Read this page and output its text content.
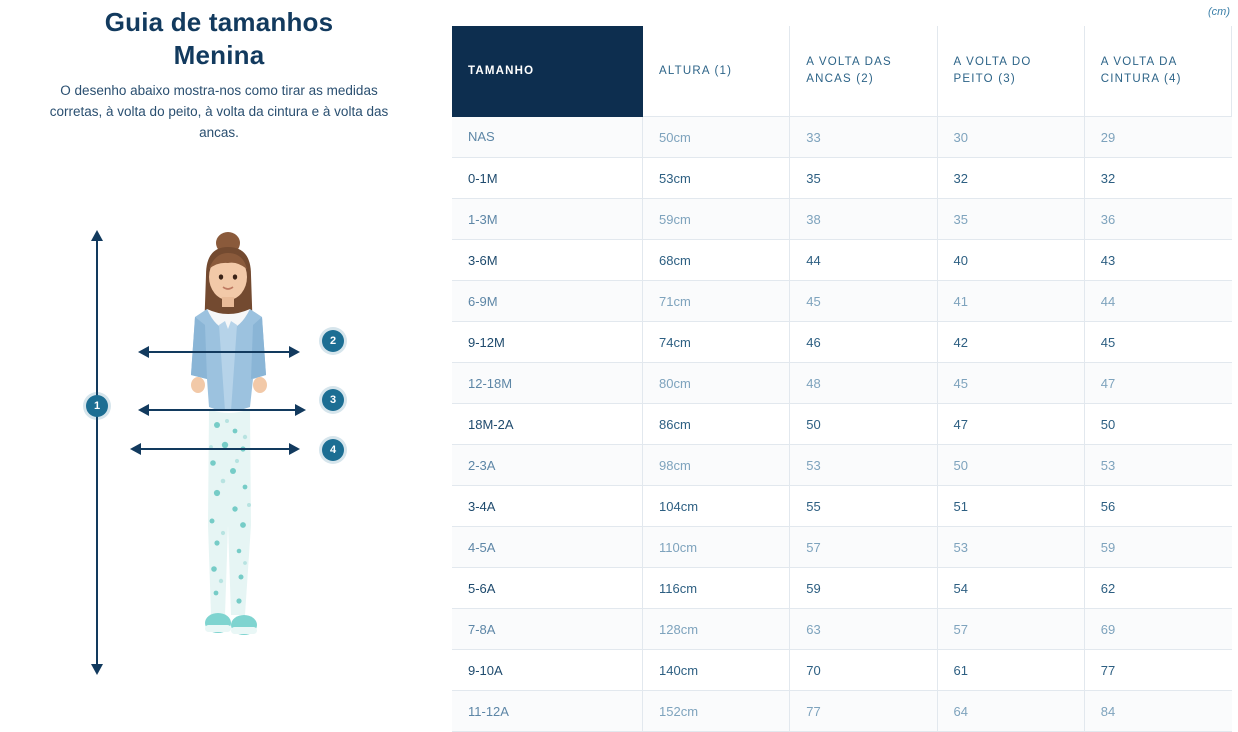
Guia de tamanhos
Menina

O desenho abaixo mostra-nos como tirar as medidas corretas, à volta do peito, à volta da cintura e à volta das ancas.

1
2
3
4
(cm)
TAMANHO	ALTURA (1)	A VOLTA DAS ANCAS (2)	A VOLTA DO PEITO (3)	A VOLTA DA CINTURA (4)
NAS	50cm	33	30	29
0-1M	53cm	35	32	32
1-3M	59cm	38	35	36
3-6M	68cm	44	40	43
6-9M	71cm	45	41	44
9-12M	74cm	46	42	45
12-18M	80cm	48	45	47
18M-2A	86cm	50	47	50
2-3A	98cm	53	50	53
3-4A	104cm	55	51	56
4-5A	110cm	57	53	59
5-6A	116cm	59	54	62
7-8A	128cm	63	57	69
9-10A	140cm	70	61	77
11-12A	152cm	77	64	84
